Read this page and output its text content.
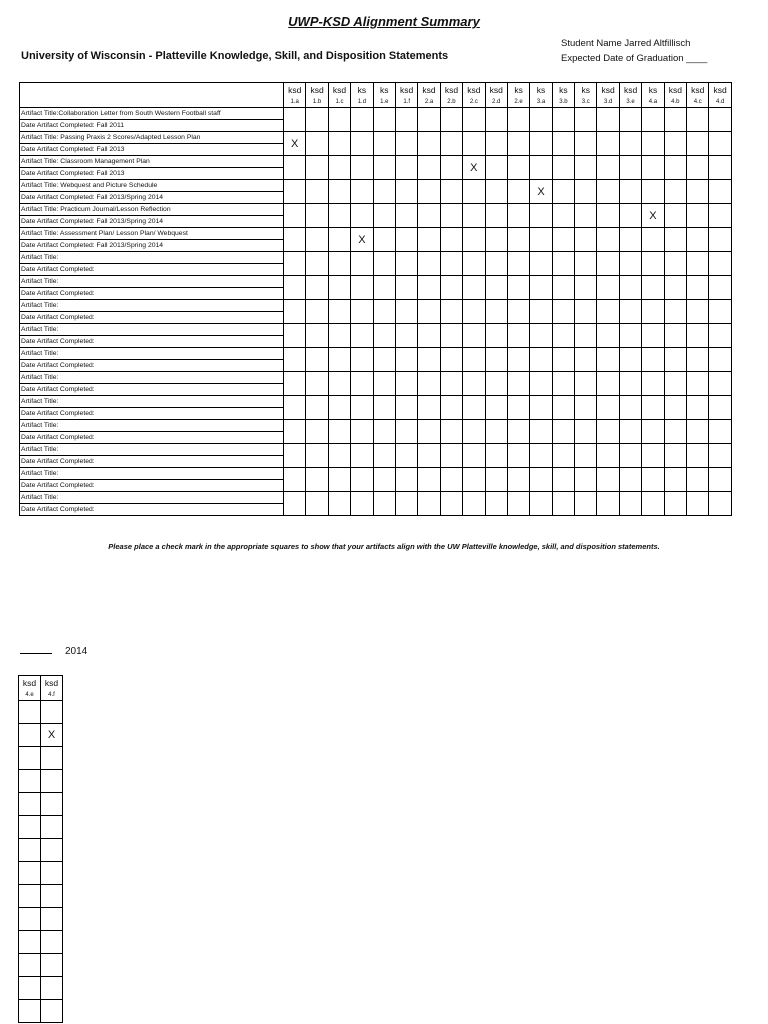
UWP-KSD Alignment Summary
University of Wisconsin - Platteville Knowledge, Skill, and Disposition Statements
Student Name Jarred Altfillisch
Expected Date of Graduation ____
	ksd	ksd	ksd	ks	ks	ksd	ksd	ksd	ksd	ksd	ks	ks	ks	ks	ksd	ksd	ks	ksd	ksd	ksd
	1.a	1.b	1.c	1.d	1.e	1.f	2.a	2.b	2.c	2.d	2.e	3.a	3.b	3.c	3.d	3.e	4.a	4.b	4.c	4.d
Artifact Title:Collaboration Letter from South Western Football staff																				
Date Artifact Completed: Fall 2011																				
Artifact Title: Passing Praxis 2 Scores/Adapted Lesson Plan	X																			
Date Artifact Completed: Fall 2013																				
Artifact Title: Classroom Management Plan									X											
Date Artifact Completed: Fall 2013																				
Artifact Title: Webquest and Picture Schedule												X								
Date Artifact Completed: Fall 2013/Spring 2014																				
Artifact Title: Practicum Journal/Lesson Reflection																	X			
Date Artifact Completed: Fall 2013/Spring 2014																				
Artifact Title: Assessment Plan/ Lesson Plan/ Webquest				X																
Date Artifact Completed: Fall 2013/Spring 2014																				
Artifact Title:																				
Date Artifact Completed:																				
Artifact Title:																				
Date Artifact Completed:																				
Artifact Title:																				
Date Artifact Completed:																				
Artifact Title:																				
Date Artifact Completed:																				
Artifact Title:																				
Date Artifact Completed:																				
Artifact Title:																				
Date Artifact Completed:																				
Artifact Title:																				
Date Artifact Completed:																				
Artifact Title:																				
Date Artifact Completed:																				
Artifact Title:																				
Date Artifact Completed:																				
Artifact Title:																				
Date Artifact Completed:																				
Artifact Title:																				
Date Artifact Completed:																				
Please place a check mark in the appropriate squares to show that your artifacts align with the UW Platteville knowledge, skill, and disposition statements.
2014
ksd	ksd
4.e	4.f

	X
